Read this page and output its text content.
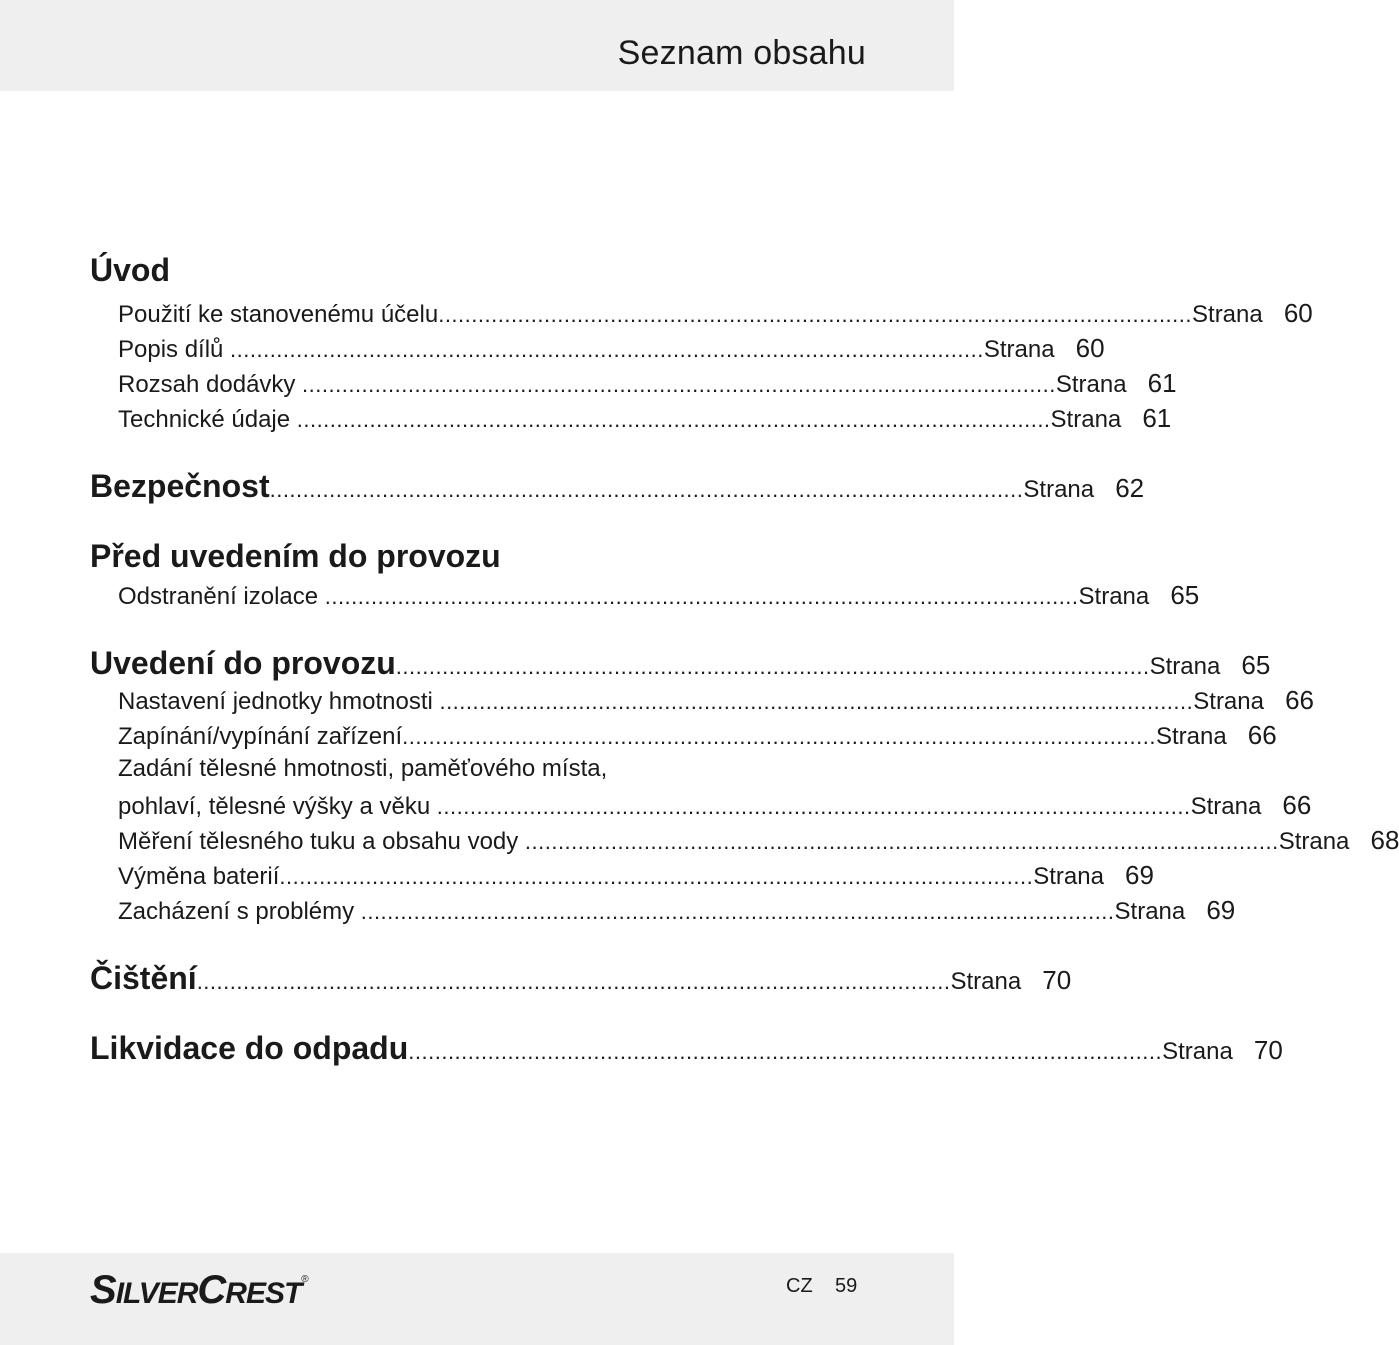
Seznam obsahu
Úvod
Použití ke stanovenému účelu .................................................................................................................. Strana 60
Popis dílů .................................................................................................................. Strana 60
Rozsah dodávky .................................................................................................................. Strana 61
Technické údaje .................................................................................................................. Strana 61
Bezpečnost .................................................................................................................. Strana 62
Před uvedením do provozu
Odstranění izolace .................................................................................................................. Strana 65
Uvedení do provozu .................................................................................................................. Strana 65
Nastavení jednotky hmotnosti .................................................................................................................. Strana 66
Zapínání/vypínání zařízení .................................................................................................................. Strana 66
Zadání tělesné hmotnosti, paměťového místa,
pohlaví, tělesné výšky a věku .................................................................................................................. Strana 66
Měření tělesného tuku a obsahu vody .................................................................................................................. Strana 68
Výměna baterií .................................................................................................................. Strana 69
Zacházení s problémy .................................................................................................................. Strana 69
Čištění .................................................................................................................. Strana 70
Likvidace do odpadu .................................................................................................................. Strana 70
SILVERCREST®	CZ 59
